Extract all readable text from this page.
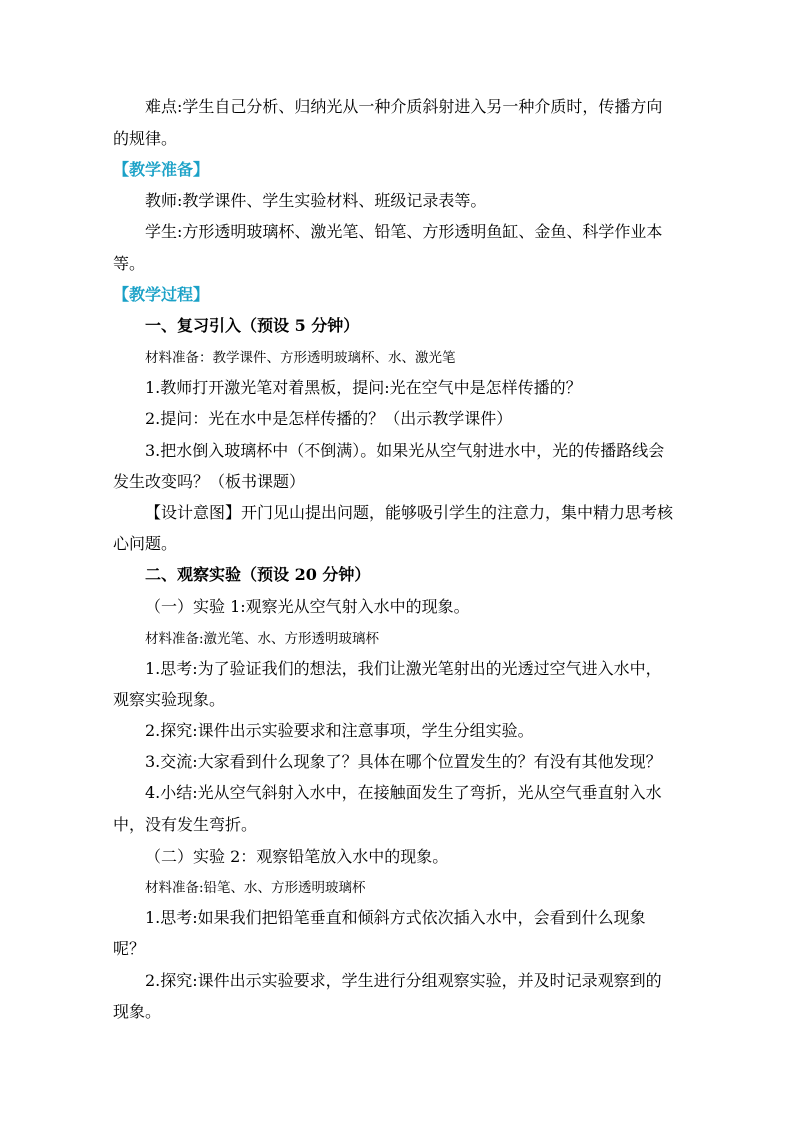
难点:学生自己分析、归纳光从一种介质斜射进入另一种介质时，传播方向
的规律。
【教学准备】
教师:教学课件、学生实验材料、班级记录表等。
学生:方形透明玻璃杯、激光笔、铅笔、方形透明鱼缸、金鱼、科学作业本
等。
【教学过程】
一、复习引入（预设 5 分钟）
材料准备：教学课件、方形透明玻璃杯、水、激光笔
1.教师打开激光笔对着黑板，提问:光在空气中是怎样传播的？
2.提问：光在水中是怎样传播的？（出示教学课件）
3.把水倒入玻璃杯中（不倒满）。如果光从空气射进水中，光的传播路线会
发生改变吗？（板书课题）
【设计意图】开门见山提出问题，能够吸引学生的注意力，集中精力思考核
心问题。
二、观察实验（预设 20 分钟）
（一）实验 1:观察光从空气射入水中的现象。
材料准备:激光笔、水、方形透明玻璃杯
1.思考:为了验证我们的想法，我们让激光笔射出的光透过空气进入水中，
观察实验现象。
2.探究:课件出示实验要求和注意事项，学生分组实验。
3.交流:大家看到什么现象了？具体在哪个位置发生的？有没有其他发现？
4.小结:光从空气斜射入水中，在接触面发生了弯折，光从空气垂直射入水
中，没有发生弯折。
（二）实验 2：观察铅笔放入水中的现象。
材料准备:铅笔、水、方形透明玻璃杯
1.思考:如果我们把铅笔垂直和倾斜方式依次插入水中，会看到什么现象
呢？
2.探究:课件出示实验要求，学生进行分组观察实验，并及时记录观察到的
现象。
